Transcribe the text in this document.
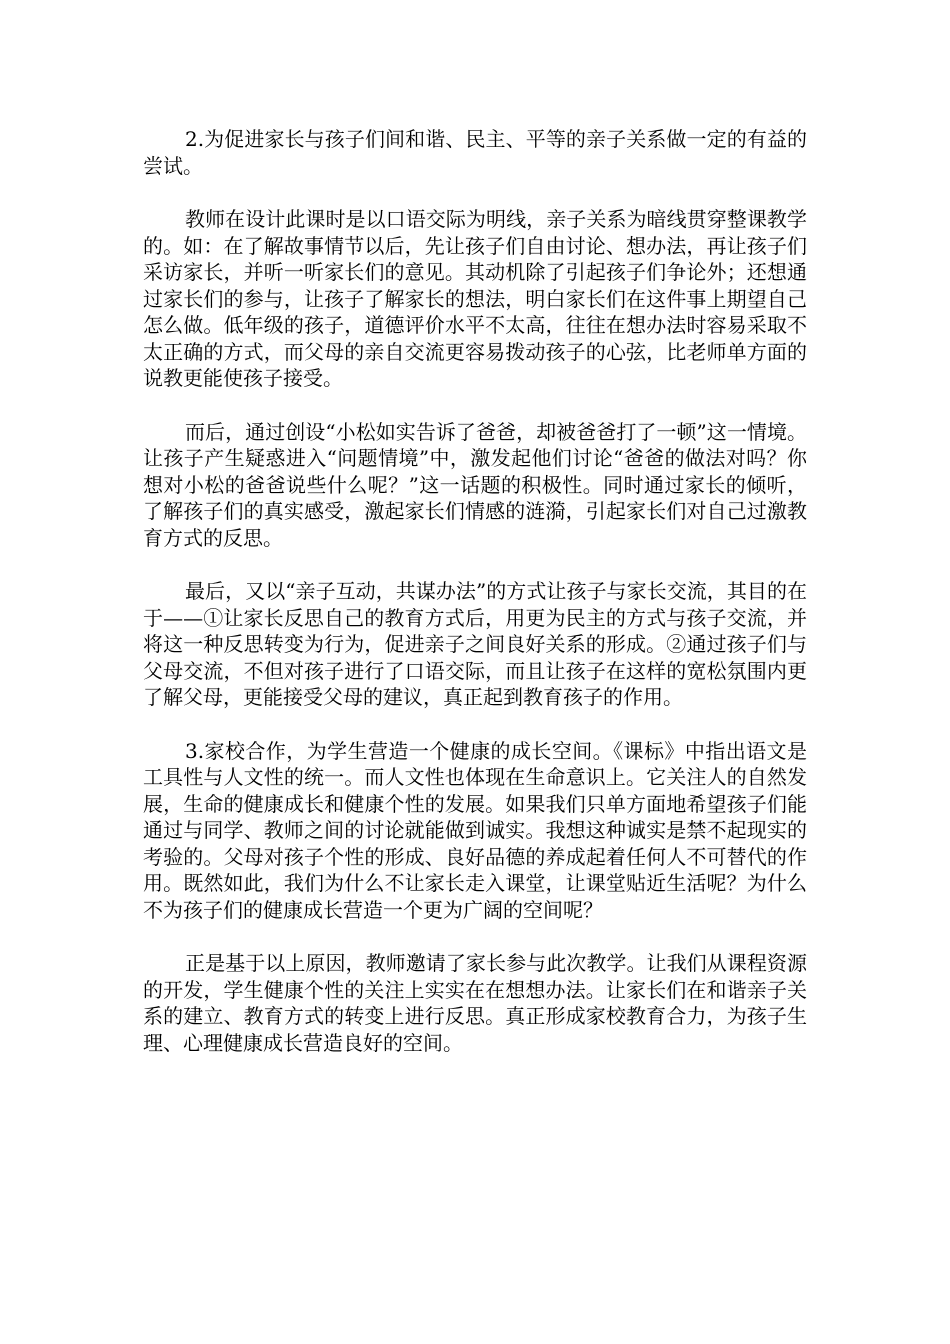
2.为促进家长与孩子们间和谐、民主、平等的亲子关系做一定的有益的尝试。

教师在设计此课时是以口语交际为明线，亲子关系为暗线贯穿整课教学的。如：在了解故事情节以后，先让孩子们自由讨论、想办法，再让孩子们采访家长，并听一听家长们的意见。其动机除了引起孩子们争论外；还想通过家长们的参与，让孩子了解家长的想法，明白家长们在这件事上期望自己怎么做。低年级的孩子，道德评价水平不太高，往往在想办法时容易采取不太正确的方式，而父母的亲自交流更容易拨动孩子的心弦，比老师单方面的说教更能使孩子接受。

而后，通过创设“小松如实告诉了爸爸，却被爸爸打了一顿”这一情境。让孩子产生疑惑进入“问题情境”中，激发起他们讨论“爸爸的做法对吗？你想对小松的爸爸说些什么呢？”这一话题的积极性。同时通过家长的倾听，了解孩子们的真实感受，激起家长们情感的涟漪，引起家长们对自己过激教育方式的反思。

最后，又以“亲子互动，共谋办法”的方式让孩子与家长交流，其目的在于——①让家长反思自己的教育方式后，用更为民主的方式与孩子交流，并将这一种反思转变为行为，促进亲子之间良好关系的形成。②通过孩子们与父母交流，不但对孩子进行了口语交际，而且让孩子在这样的宽松氛围内更了解父母，更能接受父母的建议，真正起到教育孩子的作用。

3.家校合作，为学生营造一个健康的成长空间。《课标》中指出语文是工具性与人文性的统一。而人文性也体现在生命意识上。它关注人的自然发展，生命的健康成长和健康个性的发展。如果我们只单方面地希望孩子们能通过与同学、教师之间的讨论就能做到诚实。我想这种诚实是禁不起现实的考验的。父母对孩子个性的形成、良好品德的养成起着任何人不可替代的作用。既然如此，我们为什么不让家长走入课堂，让课堂贴近生活呢？为什么不为孩子们的健康成长营造一个更为广阔的空间呢？

正是基于以上原因，教师邀请了家长参与此次教学。让我们从课程资源的开发，学生健康个性的关注上实实在在想想办法。让家长们在和谐亲子关系的建立、教育方式的转变上进行反思。真正形成家校教育合力，为孩子生理、心理健康成长营造良好的空间。
